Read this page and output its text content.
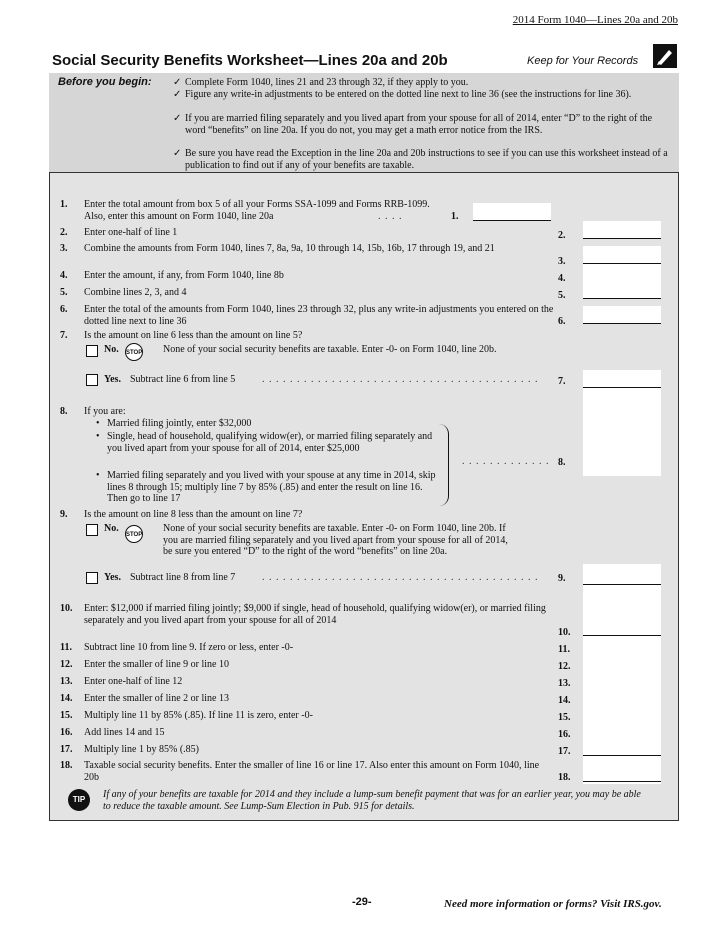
2014 Form 1040—Lines 20a and 20b
Social Security Benefits Worksheet—Lines 20a and 20b	Keep for Your Records
Before you begin: ✓ Complete Form 1040, lines 21 and 23 through 32, if they apply to you.
✓ Figure any write-in adjustments to be entered on the dotted line next to line 36 (see the instructions for line 36).
✓ If you are married filing separately and you lived apart from your spouse for all of 2014, enter “D” to the right of the word “benefits” on line 20a. If you do not, you may get a math error notice from the IRS.
✓ Be sure you have read the Exception in the line 20a and 20b instructions to see if you can use this worksheet instead of a publication to find out if any of your benefits are taxable.
1. Enter the total amount from box 5 of all your Forms SSA-1099 and Forms RRB-1099. Also, enter this amount on Form 1040, line 20a	. . . .	1.
2. Enter one-half of line 1	2.
3. Combine the amounts from Form 1040, lines 7, 8a, 9a, 10 through 14, 15b, 16b, 17 through 19, and 21
3.
4. Enter the amount, if any, from Form 1040, line 8b	4.
5. Combine lines 2, 3, and 4	5.
6. Enter the total of the amounts from Form 1040, lines 23 through 32, plus any write-in adjustments you entered on the dotted line next to line 36	6.
7. Is the amount on line 6 less than the amount on line 5?
No. STOP None of your social security benefits are taxable. Enter -0- on Form 1040, line 20b.
Yes. Subtract line 6 from line 5	. . . . . . . . . . . . . . . . . . . . . . . . . . . . . . . . . . . . . . . . 7.
8. If you are:
• Married filing jointly, enter $32,000
• Single, head of household, qualifying widow(er), or married filing separately and you lived apart from your spouse for all of 2014, enter $25,000
• Married filing separately and you lived with your spouse at any time in 2014, skip lines 8 through 15; multiply line 7 by 85% (.85) and enter the result on line 16. Then go to line 17
. . . . . . . . . . . . . 8.
9. Is the amount on line 8 less than the amount on line 7?
No.
STOP
None of your social security benefits are taxable. Enter -0- on Form 1040, line 20b. If you are married filing separately and you lived apart from your spouse for all of 2014, be sure you entered “D” to the right of the word “benefits” on line 20a.
Yes. Subtract line 8 from line 7	. . . . . . . . . . . . . . . . . . . . . . . . . . . . . . . . . . . . . . . . 9.
10. Enter: $12,000 if married filing jointly; $9,000 if single, head of household, qualifying widow(er), or married filing separately and you lived apart from your spouse for all of 2014
10.
11. Subtract line 10 from line 9. If zero or less, enter -0-	11.
12. Enter the smaller of line 9 or line 10	12.
13. Enter one-half of line 12	13.
14. Enter the smaller of line 2 or line 13	14.
15. Multiply line 11 by 85% (.85). If line 11 is zero, enter -0-	15.
16. Add lines 14 and 15	16.
17. Multiply line 1 by 85% (.85)	17.
18. Taxable social security benefits. Enter the smaller of line 16 or line 17. Also enter this amount on Form 1040, line 20b	18.
TIP	If any of your benefits are taxable for 2014 and they include a lump-sum benefit payment that was for an earlier year, you may be able to reduce the taxable amount. See Lump-Sum Election in Pub. 915 for details.
-29-	Need more information or forms? Visit IRS.gov.
